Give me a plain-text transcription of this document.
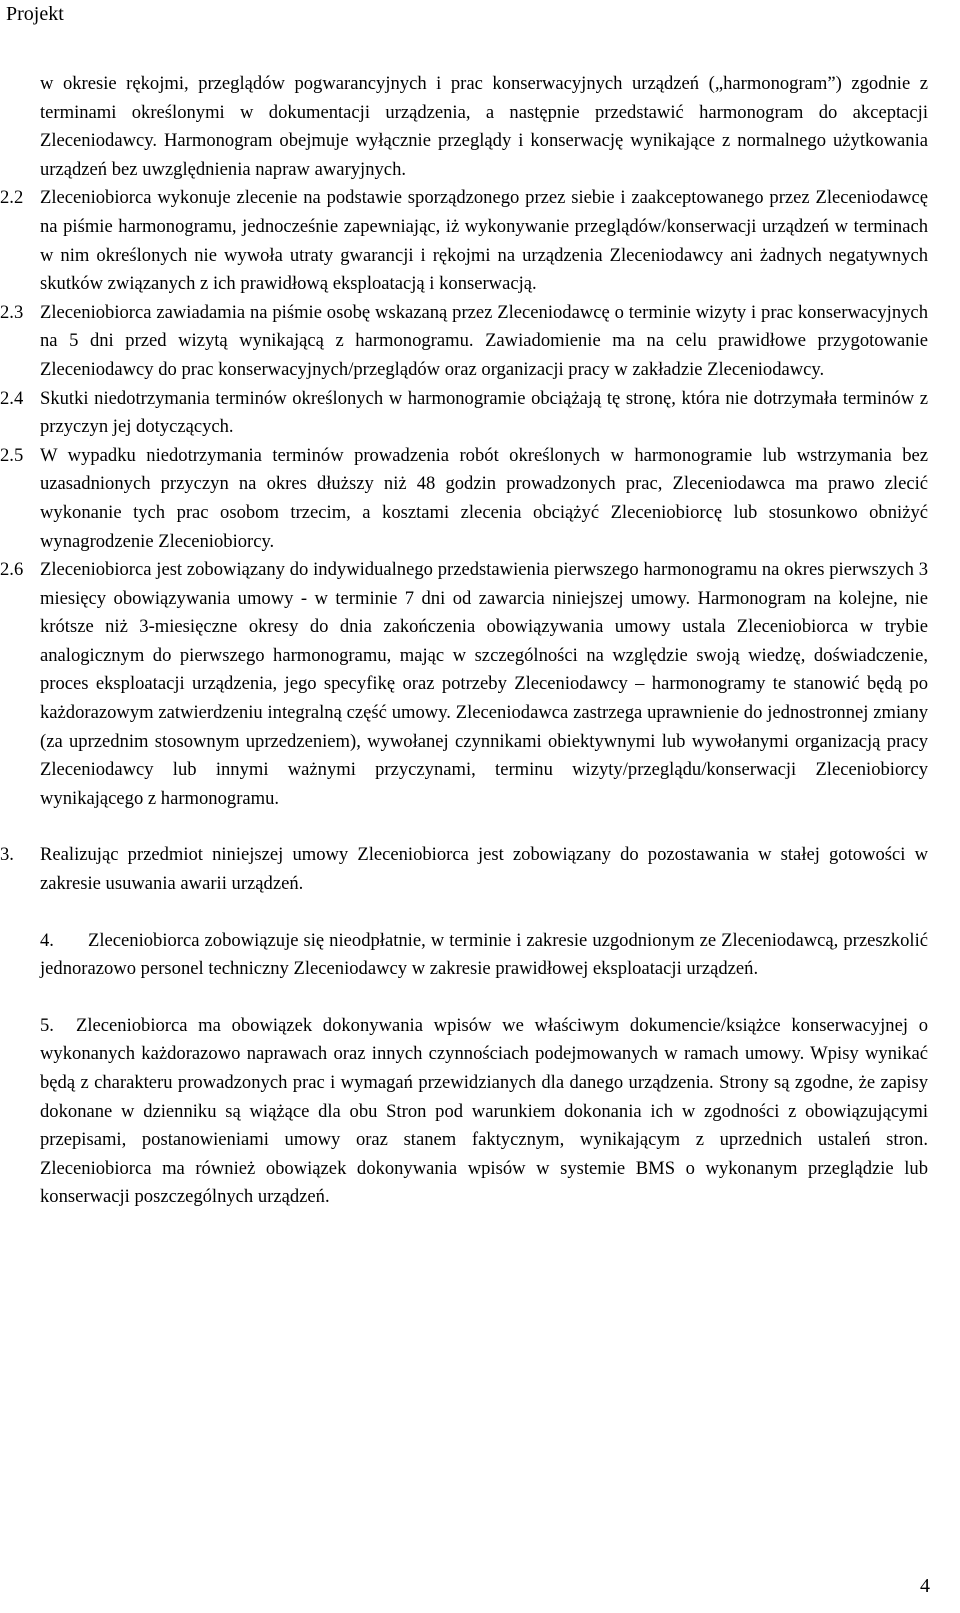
Projekt

w okresie rękojmi, przeglądów pogwarancyjnych i prac konserwacyjnych urządzeń („harmonogram”) zgodnie z terminami określonymi w dokumentacji urządzenia, a następnie przedstawić harmonogram do akceptacji Zleceniodawcy. Harmonogram obejmuje wyłącznie przeglądy i konserwację wynikające z normalnego użytkowania urządzeń bez uwzględnienia napraw awaryjnych.

2.2 Zleceniobiorca wykonuje zlecenie na podstawie sporządzonego przez siebie i zaakceptowanego przez Zleceniodawcę na piśmie harmonogramu, jednocześnie zapewniając, iż wykonywanie przeglądów/konserwacji urządzeń w terminach w nim określonych nie wywoła utraty gwarancji i rękojmi na urządzenia Zleceniodawcy ani żadnych negatywnych skutków związanych z ich prawidłową eksploatacją i konserwacją.
2.3 Zleceniobiorca zawiadamia na piśmie osobę wskazaną przez Zleceniodawcę o terminie wizyty i prac konserwacyjnych na 5 dni przed wizytą wynikającą z harmonogramu. Zawiadomienie ma na celu prawidłowe przygotowanie Zleceniodawcy do prac konserwacyjnych/przeglądów oraz organizacji pracy w zakładzie Zleceniodawcy.
2.4 Skutki niedotrzymania terminów określonych w harmonogramie obciążają tę stronę, która nie dotrzymała terminów z przyczyn jej dotyczących.
2.5 W wypadku niedotrzymania terminów prowadzenia robót określonych w harmonogramie lub wstrzymania bez uzasadnionych przyczyn na okres dłuższy niż 48 godzin prowadzonych prac, Zleceniodawca ma prawo zlecić wykonanie tych prac osobom trzecim, a kosztami zlecenia obciążyć Zleceniobiorcę lub stosunkowo obniżyć wynagrodzenie Zleceniobiorcy.
2.6 Zleceniobiorca jest zobowiązany do indywidualnego przedstawienia pierwszego harmonogramu na okres pierwszych 3 miesięcy obowiązywania umowy - w terminie 7 dni od zawarcia niniejszej umowy. Harmonogram na kolejne, nie krótsze niż 3-miesięczne okresy do dnia zakończenia obowiązywania umowy ustala Zleceniobiorca w trybie analogicznym do pierwszego harmonogramu, mając w szczególności na względzie swoją wiedzę, doświadczenie, proces eksploatacji urządzenia, jego specyfikę oraz potrzeby Zleceniodawcy – harmonogramy te stanowić będą po każdorazowym zatwierdzeniu integralną część umowy. Zleceniodawca zastrzega uprawnienie do jednostronnej zmiany (za uprzednim stosownym uprzedzeniem), wywołanej czynnikami obiektywnymi lub wywołanymi organizacją pracy Zleceniodawcy lub innymi ważnymi przyczynami, terminu wizyty/przeglądu/konserwacji Zleceniobiorcy wynikającego z harmonogramu.
3. Realizując przedmiot niniejszej umowy Zleceniobiorca jest zobowiązany do pozostawania w stałej gotowości w zakresie usuwania awarii urządzeń.
4. Zleceniobiorca zobowiązuje się nieodpłatnie, w terminie i zakresie uzgodnionym ze Zleceniodawcą, przeszkolić jednorazowo personel techniczny Zleceniodawcy w zakresie prawidłowej eksploatacji urządzeń.
5. Zleceniobiorca ma obowiązek dokonywania wpisów we właściwym dokumencie/książce konserwacyjnej o wykonanych każdorazowo naprawach oraz innych czynnościach podejmowanych w ramach umowy. Wpisy wynikać będą z charakteru prowadzonych prac i wymagań przewidzianych dla danego urządzenia. Strony są zgodne, że zapisy dokonane w dzienniku są wiążące dla obu Stron pod warunkiem dokonania ich w zgodności z obowiązującymi przepisami, postanowieniami umowy oraz stanem faktycznym, wynikającym z uprzednich ustaleń stron. Zleceniobiorca ma również obowiązek dokonywania wpisów w systemie BMS o wykonanym przeglądzie lub konserwacji poszczególnych urządzeń.
4
